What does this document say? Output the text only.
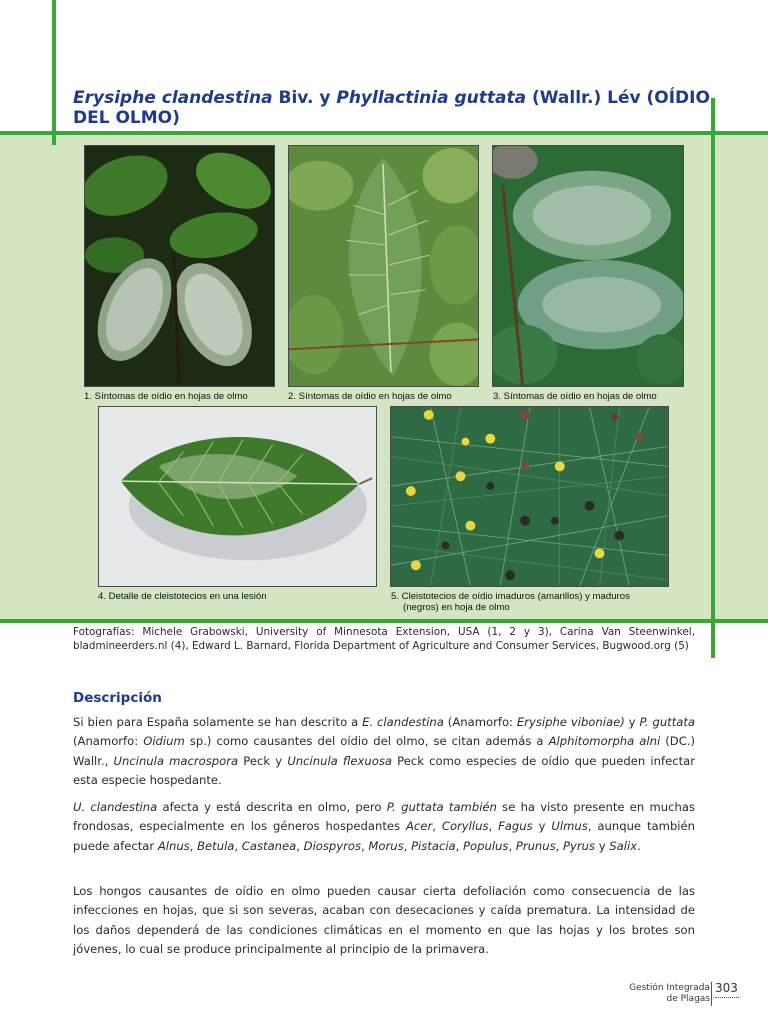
Erysiphe clandestina Biv. y Phyllactinia guttata (Wallr.) Lév (OÍDIO DEL OLMO)
1. Síntomas de oídio en hojas de olmo	2. Síntomas de oídio en hojas de olmo	3. Síntomas de oídio en hojas de olmo
4. Detalle de cleistotecios en una lesión	5. Cleistotecios de oídio imaduros (amarillos) y maduros
(negros) en hoja de olmo
Fotografías: Michele Grabowski, University of Minnesota Extension, USA (1, 2 y 3), Carina Van Steenwinkel, bladmineerders.nl (4), Edward L. Barnard, Florida Department of Agriculture and Consumer Services, Bugwood.org (5)
Descripción

Si bien para España solamente se han descrito a E. clandestina (Anamorfo: Erysiphe viboniae) y P. guttata (Anamorfo: Oidium sp.) como causantes del oídio del olmo, se citan además a Alphitomorpha alni (DC.) Wallr., Uncinula macrospora Peck y Uncinula flexuosa Peck como especies de oídio que pueden infectar esta especie hospedante.

U. clandestina afecta y está descrita en olmo, pero P. guttata también se ha visto presente en muchas frondosas, especialmente en los géneros hospedantes Acer, Coryllus, Fagus y Ulmus, aunque también puede afectar Alnus, Betula, Castanea, Diospyros, Morus, Pistacia, Populus, Prunus, Pyrus y Salix.

Los hongos causantes de oídio en olmo pueden causar cierta defoliación como consecuencia de las infecciones en hojas, que si son severas, acaban con desecaciones y caída prematura. La intensidad de los daños dependerá de las condiciones climáticas en el momento en que las hojas y los brotes son jóvenes, lo cual se produce principalmente al principio de la primavera.

Gestión Integrada
de Plagas
303
